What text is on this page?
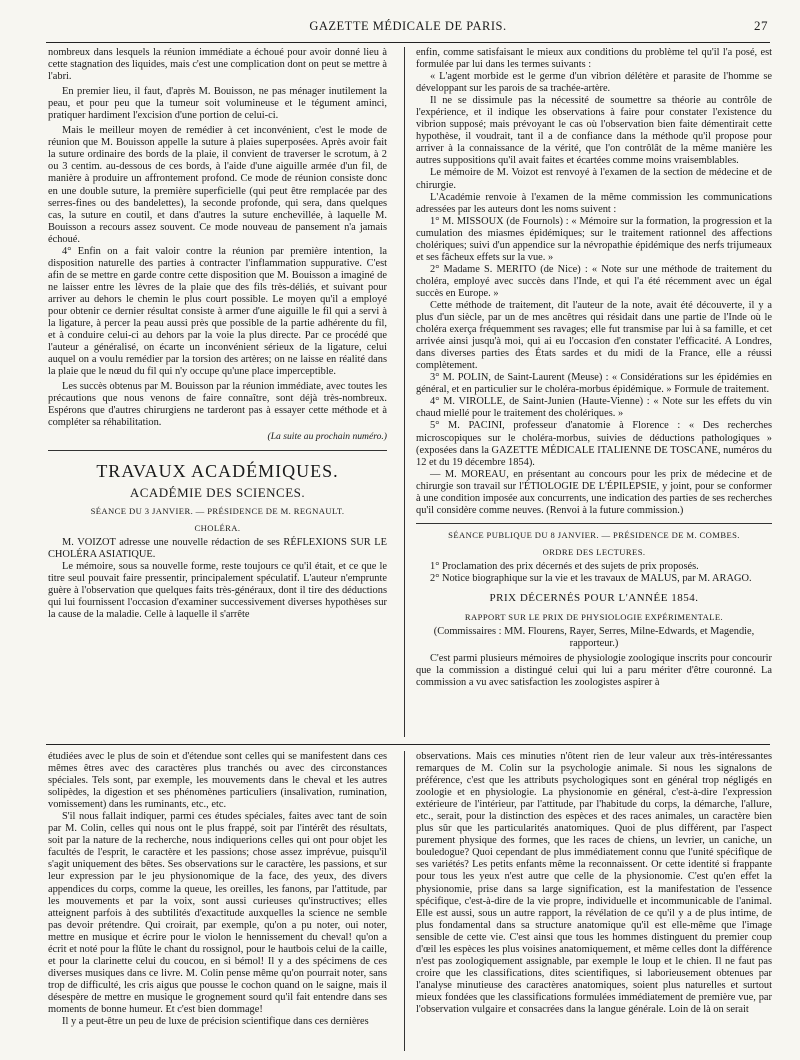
GAZETTE MÉDICALE DE PARIS.	27

nombreux dans lesquels la réunion immédiate a échoué pour avoir donné lieu à cette stagnation des liquides, mais c'est une complication dont on peut se mettre à l'abri.

En premier lieu, il faut, d'après M. Bouisson, ne pas ménager inutilement la peau, et pour peu que la tumeur soit volumineuse et le tégument aminci, pratiquer hardiment l'excision d'une portion de celui-ci.

Mais le meilleur moyen de remédier à cet inconvénient, c'est le mode de réunion que M. Bouisson appelle la suture à plaies superposées. Après avoir fait la suture ordinaire des bords de la plaie, il convient de traverser le scrotum, à 2 ou 3 centim. au-dessous de ces bords, à l'aide d'une aiguille armée d'un fil, de manière à produire un affrontement profond. Ce mode de réunion consiste donc en une double suture, la première superficielle (qui peut être remplacée par des serres-fines ou des bandelettes), la seconde profonde, qui sera, dans quelques cas, la suture en coutil, et dans d'autres la suture enchevillée, à laquelle M. Bouisson a recours assez souvent. Ce mode nouveau de pansement n'a jamais échoué.

4° Enfin on a fait valoir contre la réunion par première intention, la disposition naturelle des parties à contracter l'inflammation suppurative. C'est afin de se mettre en garde contre cette disposition que M. Bouisson a imaginé de ne laisser entre les lèvres de la plaie que des fils très-déliés, et suivant pour arriver au dehors le chemin le plus court possible. Le moyen qu'il a employé pour obtenir ce dernier résultat consiste à armer d'une aiguille le fil qui a servi à la ligature, à percer la peau aussi près que possible de la partie adhérente du fil, et à conduire celui-ci au dehors par la voie la plus directe. Par ce procédé que l'auteur a généralisé, on écarte un inconvénient sérieux de la ligature, celui auquel on a voulu remédier par la torsion des artères; on ne laisse en réalité dans la plaie que le nœud du fil qui n'y occupe qu'une place imperceptible.

Les succès obtenus par M. Bouisson par la réunion immédiate, avec toutes les précautions que nous venons de faire connaître, sont déjà très-nombreux. Espérons que d'autres chirurgiens ne tarderont pas à essayer cette méthode et à compléter sa réhabilitation.

(La suite au prochain numéro.)
TRAVAUX ACADÉMIQUES.
ACADÉMIE DES SCIENCES.
SÉANCE DU 3 JANVIER. — PRÉSIDENCE DE M. REGNAULT.
CHOLÉRA.

M. VOIZOT adresse une nouvelle rédaction de ses RÉFLEXIONS SUR LE CHOLÉRA ASIATIQUE.

Le mémoire, sous sa nouvelle forme, reste toujours ce qu'il était, et ce que le titre seul pouvait faire pressentir, principalement spéculatif. L'auteur n'emprunte guère à l'observation que quelques faits très-généraux, dont il tire des déductions qui lui fournissent l'occasion d'examiner successivement diverses hypothèses sur la cause de la maladie. Celle à laquelle il s'arrête

enfin, comme satisfaisant le mieux aux conditions du problème tel qu'il l'a posé, est formulée par lui dans les termes suivants :

« L'agent morbide est le germe d'un vibrion délétère et parasite de l'homme se développant sur les parois de sa trachée-artère.

Il ne se dissimule pas la nécessité de soumettre sa théorie au contrôle de l'expérience, et il indique les observations à faire pour constater l'existence du vibrion supposé; mais prévoyant le cas où l'observation bien faite démentirait cette hypothèse, il voudrait, tant il a de confiance dans la méthode qu'il propose pour arriver à la connaissance de la vérité, que l'on contrôlât de la même manière les autres suppositions qu'il avait faites et écartées comme moins vraisemblables.

Le mémoire de M. Voizot est renvoyé à l'examen de la section de médecine et de chirurgie.

L'Académie renvoie à l'examen de la même commission les communications adressées par les auteurs dont les noms suivent :

1° M. MISSOUX (de Fournols) : « Mémoire sur la formation, la progression et la cumulation des miasmes épidémiques; sur le traitement rationnel des affections cholériques; suivi d'un appendice sur la névropathie épidémique des nerfs trijumeaux et ses fâcheux effets sur la vue. »

2° Madame S. MERITO (de Nice) : « Note sur une méthode de traitement du choléra, employé avec succès dans l'Inde, et qui l'a été récemment avec un égal succès en Europe. »

Cette méthode de traitement, dit l'auteur de la note, avait été découverte, il y a plus d'un siècle, par un de mes ancêtres qui résidait dans une partie de l'Inde où le choléra exerça fréquemment ses ravages; elle fut transmise par lui à sa famille, et cet arrivée ainsi jusqu'à moi, qui ai eu l'occasion d'en constater l'efficacité. A Londres, dans diverses parties des États sardes et du midi de la France, elle a réussi complètement.

3° M. POLIN, de Saint-Laurent (Meuse) : « Considérations sur les épidémies en général, et en particulier sur le choléra-morbus épidémique. » Formule de traitement.

4° M. VIROLLE, de Saint-Junien (Haute-Vienne) : « Note sur les effets du vin chaud miellé pour le traitement des cholériques. »

5° M. PACINI, professeur d'anatomie à Florence : « Des recherches microscopiques sur le choléra-morbus, suivies de déductions pathologiques » (exposées dans la GAZETTE MÉDICALE ITALIENNE DE TOSCANE, numéros du 12 et du 19 décembre 1854).

— M. MOREAU, en présentant au concours pour les prix de médecine et de chirurgie son travail sur l'ÉTIOLOGIE DE L'ÉPILEPSIE, y joint, pour se conformer à une condition imposée aux concurrents, une indication des parties de ses recherches qu'il considère comme neuves. (Renvoi à la future commission.)

SÉANCE PUBLIQUE DU 8 JANVIER. — PRÉSIDENCE DE M. COMBES.
ORDRE DES LECTURES.

1° Proclamation des prix décernés et des sujets de prix proposés.

2° Notice biographique sur la vie et les travaux de MALUS, par M. ARAGO.

PRIX DÉCERNÉS POUR L'ANNÉE 1854.
RAPPORT SUR LE PRIX DE PHYSIOLOGIE EXPÉRIMENTALE.

(Commissaires : MM. Flourens, Rayer, Serres, Milne-Edwards, et Magendie, rapporteur.)

C'est parmi plusieurs mémoires de physiologie zoologique inscrits pour concourir que la commission a distingué celui qui lui a paru mériter d'être couronné. La commission a vu avec satisfaction les zoologistes aspirer à

étudiées avec le plus de soin et d'étendue sont celles qui se manifestent dans ces mêmes êtres avec des caractères plus tranchés ou avec des circonstances spéciales. Tels sont, par exemple, les mouvements dans le cheval et les autres solipèdes, la digestion et ses phénomènes particuliers (insalivation, rumination, vomissement) dans les ruminants, etc., etc.

S'il nous fallait indiquer, parmi ces études spéciales, faites avec tant de soin par M. Colin, celles qui nous ont le plus frappé, soit par l'intérêt des résultats, soit par la nature de la recherche, nous indiquerions celles qui ont pour objet les facultés de l'esprit, le caractère et les passions; chose assez imprévue, puisqu'il s'agit uniquement des bêtes. Ses observations sur le caractère, les passions, et sur leur expression par le jeu physionomique de la face, des yeux, des divers appendices du corps, comme la queue, les oreilles, les fanons, par l'attitude, par les mouvements et par la voix, sont aussi curieuses qu'instructives; elles atteignent parfois à des subtilités d'exactitude auxquelles la science ne semble pas devoir prétendre. Qui croirait, par exemple, qu'on a pu noter, oui noter, mettre en musique et écrire pour le violon le hennissement du cheval! qu'on a écrit et noté pour la flûte le chant du rossignol, pour le hautbois celui de la caille, et pour la clarinette celui du coucou, en si bémol! Il y a des spécimens de ces diverses musiques dans ce livre. M. Colin pense même qu'on pourrait noter, sans trop de difficulté, les cris aigus que pousse le cochon quand on le saigne, mais il désespère de mettre en musique le grognement sourd qu'il fait entendre dans ses moments de bonne humeur. Et c'est bien dommage!

Il y a peut-être un peu de luxe de précision scientifique dans ces dernières

observations. Mais ces minuties n'ôtent rien de leur valeur aux très-intéressantes remarques de M. Colin sur la psychologie animale. Si nous les signalons de préférence, c'est que les attributs psychologiques sont en général trop négligés en zoologie et en physiologie. La physionomie en général, c'est-à-dire l'expression extérieure de l'intérieur, par l'attitude, par l'habitude du corps, la démarche, l'allure, etc., serait, pour la distinction des espèces et des races animales, un caractère bien plus sûr que les particularités anatomiques. Quoi de plus différent, par l'aspect purement physique des formes, que les races de chiens, un levrier, un caniche, un bouledogue? Quoi cependant de plus immédiatement connu que l'unité spécifique de ses variétés? Les petits enfants même la reconnaissent. Or cette identité si frappante pour tous les yeux n'est autre que celle de la physionomie. C'est qu'en effet la physionomie, prise dans sa large signification, est la manifestation de l'essence spécifique, c'est-à-dire de la vie propre, individuelle et incommunicable de l'animal. Elle est aussi, sous un autre rapport, la révélation de ce qu'il y a de plus intime, de plus fondamental dans sa structure anatomique qu'il est elle-même que l'image sensible de cette vie. C'est ainsi que tous les hommes distinguent du premier coup d'œil les espèces les plus voisines anatomiquement, et même celles dont la différence n'est pas zoologiquement assignable, par exemple le loup et le chien. Il ne faut pas croire que les classifications, dites scientifiques, si laborieusement obtenues par l'analyse minutieuse des caractères anatomiques, soient plus naturelles et surtout mieux fondées que les classifications formulées immédiatement de première vue, par l'observation vulgaire et consacrées dans la langue générale. Loin de là on serait
